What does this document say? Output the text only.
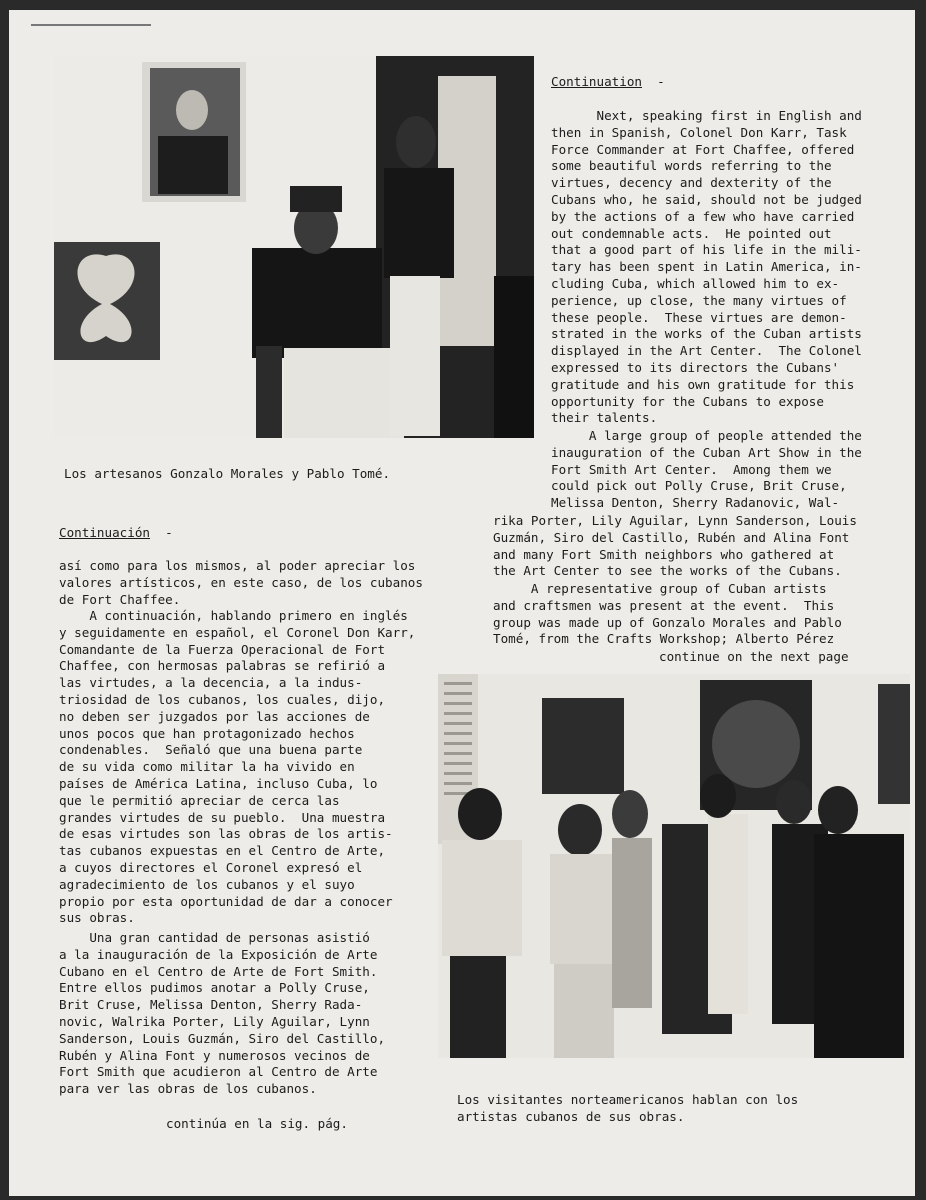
Los artesanos Gonzalo Morales y Pablo Tomé.

Continuation  -

Next, speaking first in English and
then in Spanish, Colonel Don Karr, Task
Force Commander at Fort Chaffee, offered
some beautiful words referring to the
virtues, decency and dexterity of the
Cubans who, he said, should not be judged
by the actions of a few who have carried
out condemnable acts.  He pointed out
that a good part of his life in the mili-
tary has been spent in Latin America, in-
cluding Cuba, which allowed him to ex-
perience, up close, the many virtues of
these people.  These virtues are demon-
strated in the works of the Cuban artists
displayed in the Art Center.  The Colonel
expressed to its directors the Cubans'
gratitude and his own gratitude for this
opportunity for the Cubans to expose
their talents.

A large group of people attended the
inauguration of the Cuban Art Show in the
Fort Smith Art Center.  Among them we
could pick out Polly Cruse, Brit Cruse,
Melissa Denton, Sherry Radanovic, Wal-

rika Porter, Lily Aguilar, Lynn Sanderson, Louis
Guzmán, Siro del Castillo, Rubén and Alina Font
and many Fort Smith neighbors who gathered at
the Art Center to see the works of the Cubans.

A representative group of Cuban artists
and craftsmen was present at the event.  This
group was made up of Gonzalo Morales and Pablo
Tomé, from the Crafts Workshop; Alberto Pérez

continue on the next page

Continuación  -

así como para los mismos, al poder apreciar los
valores artísticos, en este caso, de los cubanos
de Fort Chaffee.

A continuación, hablando primero en inglés
y seguidamente en español, el Coronel Don Karr,
Comandante de la Fuerza Operacional de Fort
Chaffee, con hermosas palabras se refirió a
las virtudes, a la decencia, a la indus-
triosidad de los cubanos, los cuales, dijo,
no deben ser juzgados por las acciones de
unos pocos que han protagonizado hechos
condenables.  Señaló que una buena parte
de su vida como militar la ha vivido en
países de América Latina, incluso Cuba, lo
que le permitió apreciar de cerca las
grandes virtudes de su pueblo.  Una muestra
de esas virtudes son las obras de los artis-
tas cubanos expuestas en el Centro de Arte,
a cuyos directores el Coronel expresó el
agradecimiento de los cubanos y el suyo
propio por esta oportunidad de dar a conocer
sus obras.

Una gran cantidad de personas asistió
a la inauguración de la Exposición de Arte
Cubano en el Centro de Arte de Fort Smith.
Entre ellos pudimos anotar a Polly Cruse,
Brit Cruse, Melissa Denton, Sherry Rada-
novic, Walrika Porter, Lily Aguilar, Lynn
Sanderson, Louis Guzmán, Siro del Castillo,
Rubén y Alina Font y numerosos vecinos de
Fort Smith que acudieron al Centro de Arte
para ver las obras de los cubanos.

continúa en la sig. pág.

Los visitantes norteamericanos hablan con los
artistas cubanos de sus obras.
